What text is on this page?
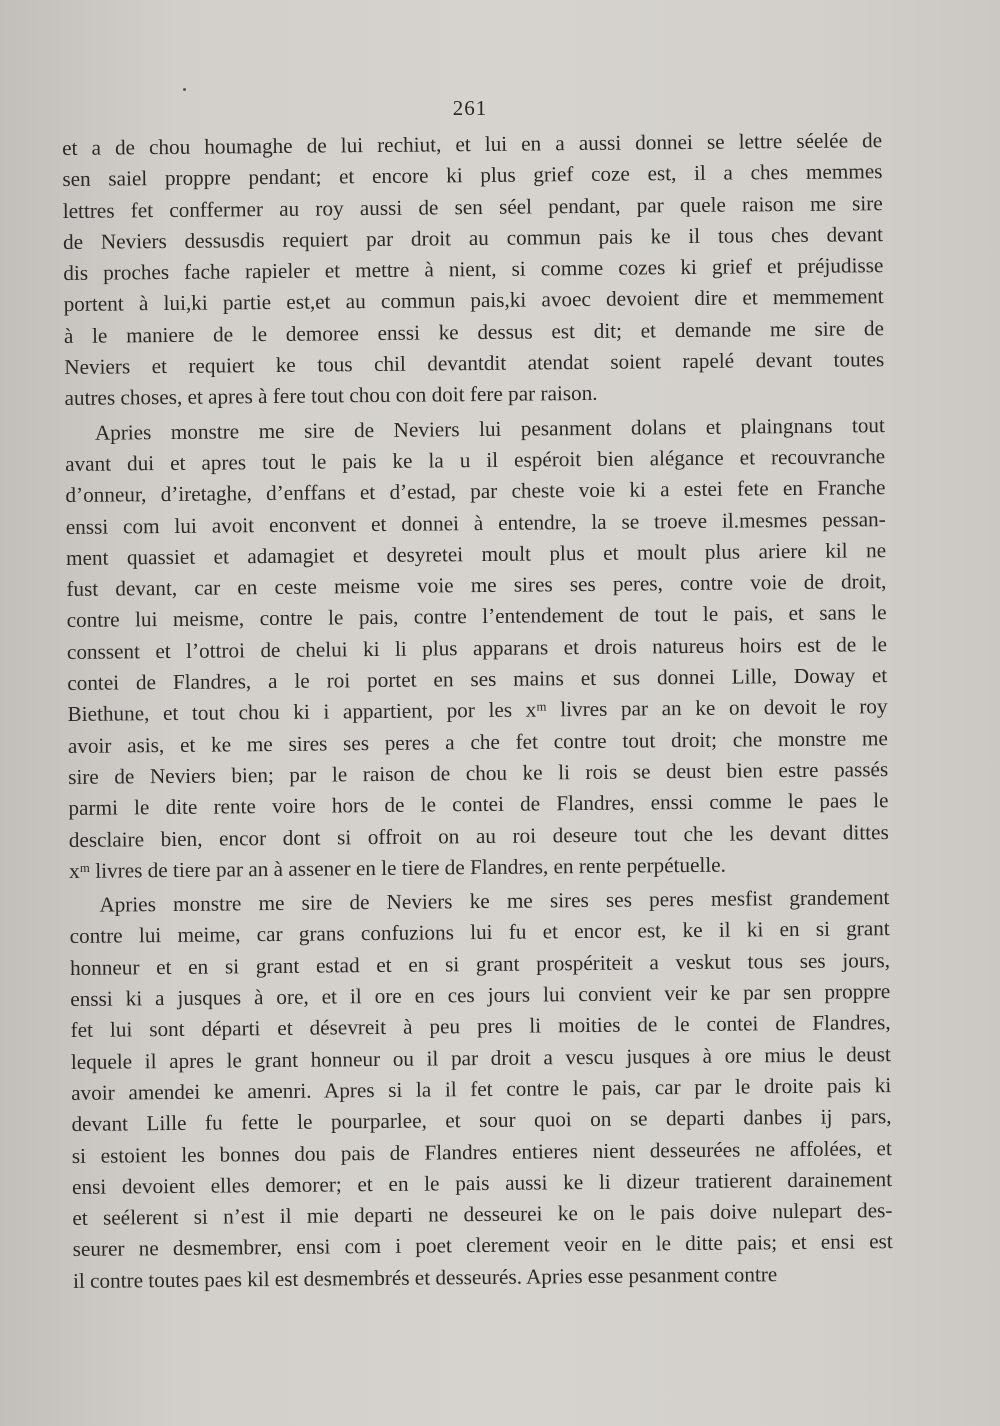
261

et a de chou houmaghe de lui rechiut, et lui en a aussi donnei se lettre séelée de
sen saiel proppre pendant; et encore ki plus grief coze est, il a ches memmes
lettres fet conffermer au roy aussi de sen séel pendant, par quele raison me sire
de Neviers dessusdis requiert par droit au commun pais ke il tous ches devant
dis proches fache rapieler et mettre à nient, si comme cozes ki grief et préjudisse
portent à lui,ki partie est,et au commun pais,ki avoec devoient dire et memmement
à le maniere de le demoree enssi ke dessus est dit; et demande me sire de
Neviers et requiert ke tous chil devantdit atendat soient rapelé devant toutes
autres choses, et apres à fere tout chou con doit fere par raison.

Apries monstre me sire de Neviers lui pesanment dolans et plaingnans tout
avant dui et apres tout le pais ke la u il espéroit bien alégance et recouvranche
d’onneur, d’iretaghe, d’enffans et d’estad, par cheste voie ki a estei fete en Franche
enssi com lui avoit enconvent et donnei à entendre, la se troeve il.mesmes pessan-
ment quassiet et adamagiet et desyretei moult plus et moult plus ariere kil ne
fust devant, car en ceste meisme voie me sires ses peres, contre voie de droit,
contre lui meisme, contre le pais, contre l’entendement de tout le pais, et sans le
conssent et l’ottroi de chelui ki li plus apparans et drois natureus hoirs est de le
contei de Flandres, a le roi portet en ses mains et sus donnei Lille, Doway et
Biethune, et tout chou ki i appartient, por les xᵐ livres par an ke on devoit le roy
avoir asis, et ke me sires ses peres a che fet contre tout droit; che monstre me
sire de Neviers bien; par le raison de chou ke li rois se deust bien estre passés
parmi le dite rente voire hors de le contei de Flandres, enssi comme le paes le
desclaire bien, encor dont si offroit on au roi deseure tout che les devant dittes
xᵐ livres de tiere par an à assener en le tiere de Flandres, en rente perpétuelle.

Apries monstre me sire de Neviers ke me sires ses peres mesfist grandement
contre lui meime, car grans confuzions lui fu et encor est, ke il ki en si grant
honneur et en si grant estad et en si grant prospériteit a veskut tous ses jours,
enssi ki a jusques à ore, et il ore en ces jours lui convient veir ke par sen proppre
fet lui sont départi et désevreit à peu pres li moities de le contei de Flandres,
lequele il apres le grant honneur ou il par droit a vescu jusques à ore mius le deust
avoir amendei ke amenri. Apres si la il fet contre le pais, car par le droite pais ki
devant Lille fu fette le pourparlee, et sour quoi on se departi danbes ij pars,
si estoient les bonnes dou pais de Flandres entieres nient desseurées ne affolées, et
ensi devoient elles demorer; et en le pais aussi ke li dizeur tratierent darainement
et seélerent si n’est il mie departi ne desseurei ke on le pais doive nulepart des-
seurer ne desmembrer, ensi com i poet clerement veoir en le ditte pais; et ensi est
il contre toutes paes kil est desmembrés et desseurés. Apries esse pesanment contre
